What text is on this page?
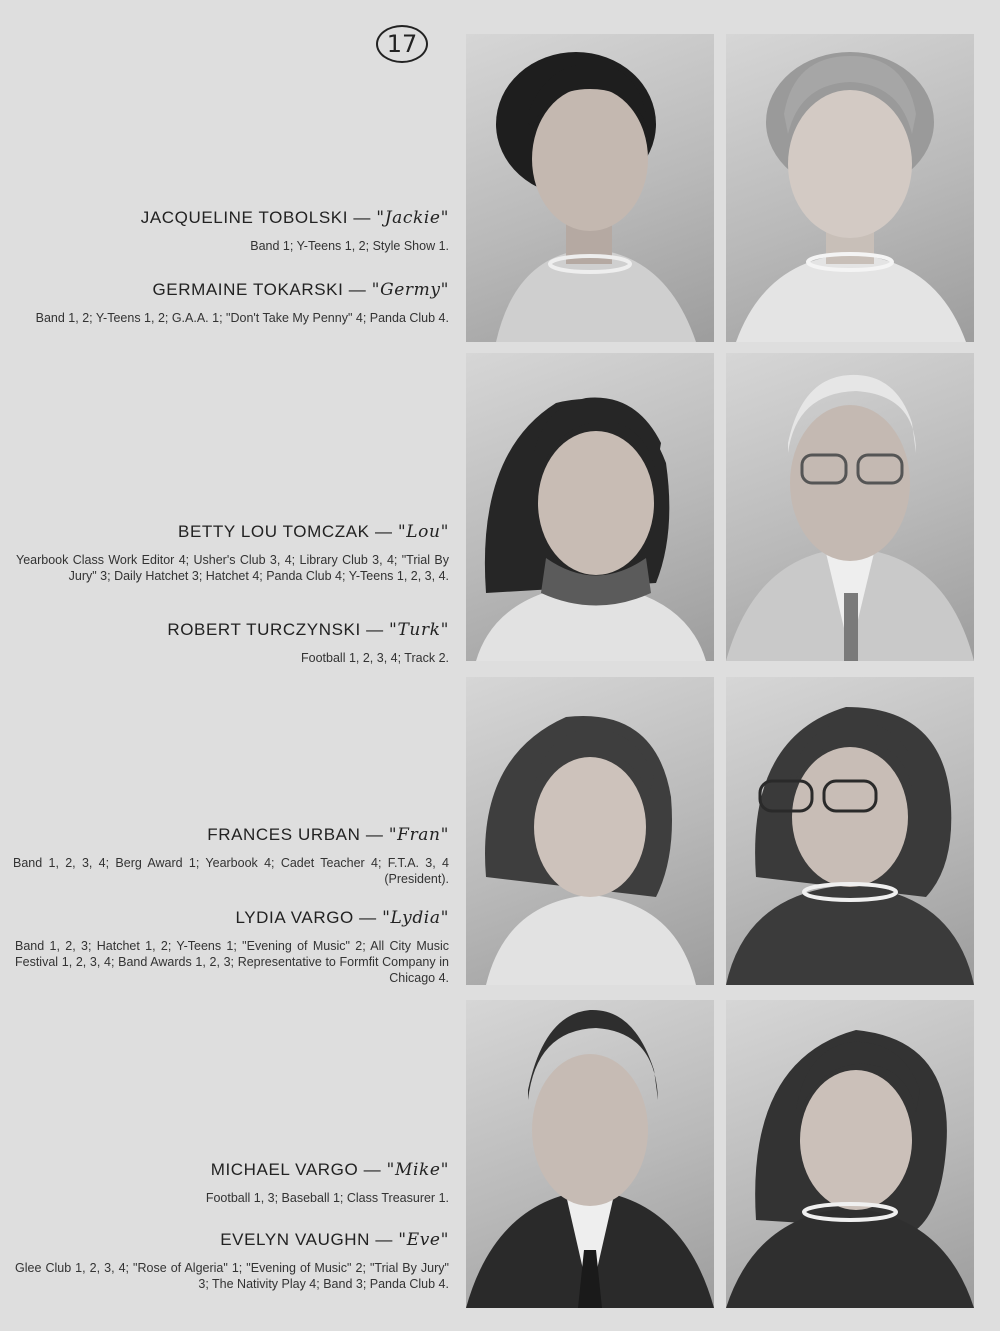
17
JACQUELINE TOBOLSKI — "Jackie"
Band 1; Y-Teens 1, 2; Style Show 1.
GERMAINE TOKARSKI — "Germy"
Band 1, 2; Y-Teens 1, 2; G.A.A. 1; "Don't Take My Penny" 4; Panda Club 4.
BETTY LOU TOMCZAK — "Lou"
Yearbook Class Work Editor 4; Usher's Club 3, 4; Library Club 3, 4; "Trial By Jury" 3; Daily Hatchet 3; Hatchet 4; Panda Club 4; Y-Teens 1, 2, 3, 4.
ROBERT TURCZYNSKI — "Turk"
Football 1, 2, 3, 4; Track 2.
FRANCES URBAN — "Fran"
Band 1, 2, 3, 4; Berg Award 1; Yearbook 4; Cadet Teacher 4; F.T.A. 3, 4 (President).
LYDIA VARGO — "Lydia"
Band 1, 2, 3; Hatchet 1, 2; Y-Teens 1; "Evening of Music" 2; All City Music Festival 1, 2, 3, 4; Band Awards 1, 2, 3; Representative to Formfit Company in Chicago 4.
MICHAEL VARGO — "Mike"
Football 1, 3; Baseball 1; Class Treasurer 1.
EVELYN VAUGHN — "Eve"
Glee Club 1, 2, 3, 4; "Rose of Algeria" 1; "Evening of Music" 2; "Trial By Jury" 3; The Nativity Play 4; Band 3; Panda Club 4.
